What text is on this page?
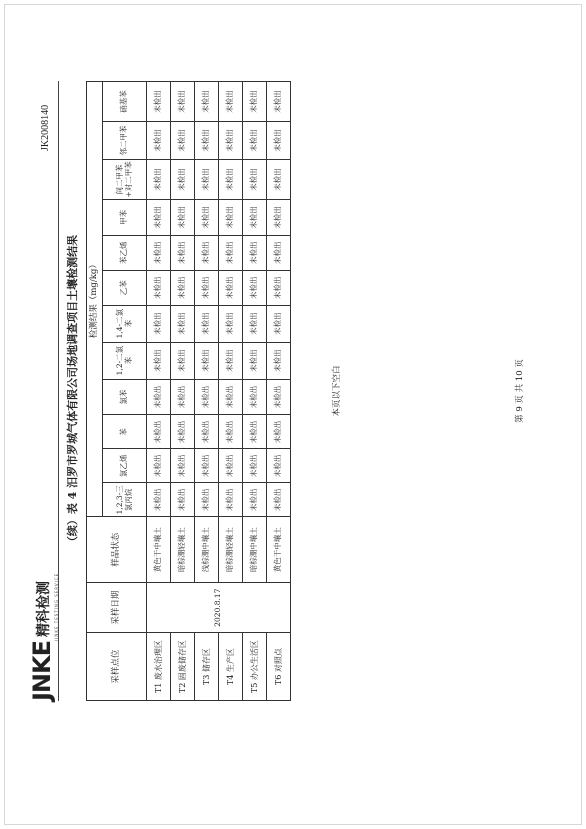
JNKE
精科检测 JINKE TESTING SERVICE
JK2008140
（续）表 4 汨罗市罗城气体有限公司场地调查项目土壤检测结果
采样点位	采样日期	样品状态	检测结果（mg/kg）											
			1,2,3-三氯丙烷	氯乙烯	苯	氯苯	1,2-二氯苯	1,4-二氯苯	乙苯	苯乙烯	甲苯	间二甲苯+对二甲苯	邻二甲苯	硝基苯
T1 废水治理区	2020.8.17	黄色干中壤土	未检出	未检出	未检出	未检出	未检出	未检出	未检出	未检出	未检出	未检出	未检出	未检出
T2 固废储存区		暗棕潮轻壤土	未检出	未检出	未检出	未检出	未检出	未检出	未检出	未检出	未检出	未检出	未检出	未检出
T3 储存区		浅棕潮中壤土	未检出	未检出	未检出	未检出	未检出	未检出	未检出	未检出	未检出	未检出	未检出	未检出
T4 生产区		暗棕潮轻壤土	未检出	未检出	未检出	未检出	未检出	未检出	未检出	未检出	未检出	未检出	未检出	未检出
T5 办公生活区		暗棕潮中壤土	未检出	未检出	未检出	未检出	未检出	未检出	未检出	未检出	未检出	未检出	未检出	未检出
T6 对照点		黄色干中壤土	未检出	未检出	未检出	未检出	未检出	未检出	未检出	未检出	未检出	未检出	未检出	未检出
本页以下空白	第 9 页 共 10 页
